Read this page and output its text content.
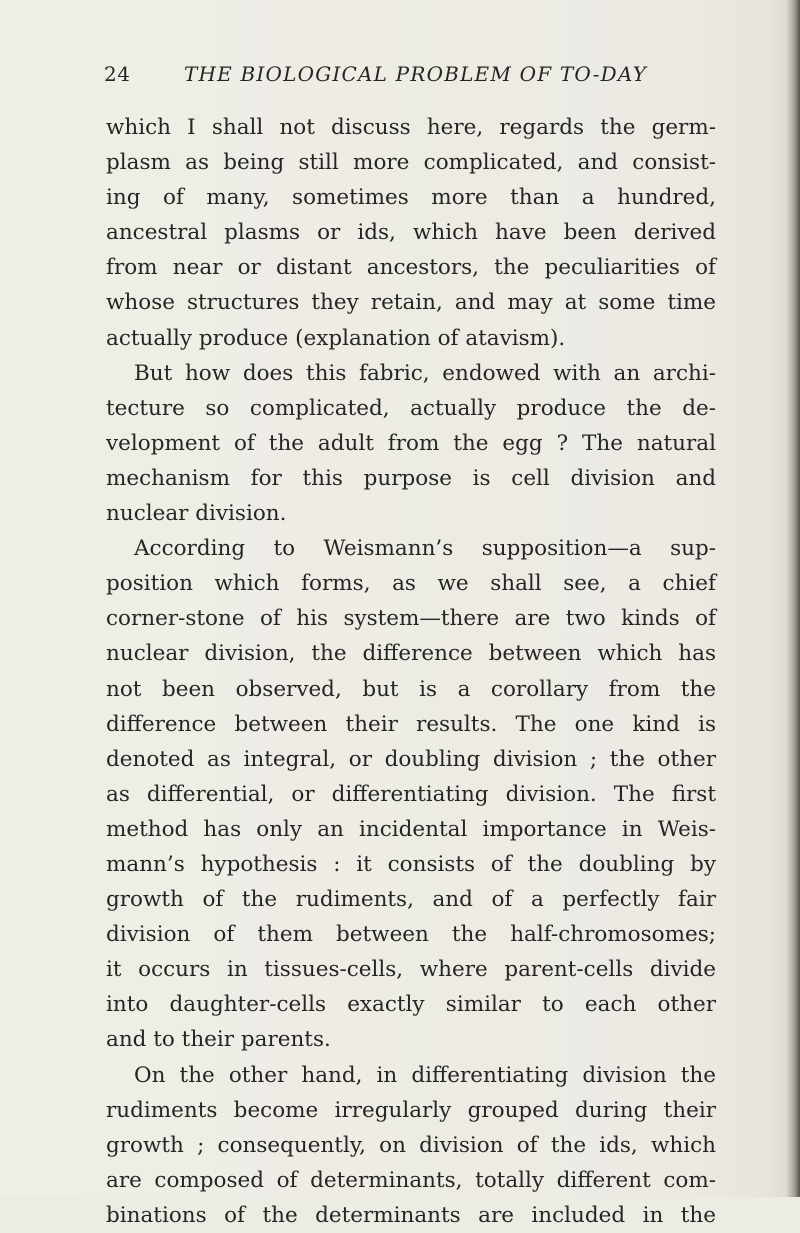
24	THE BIOLOGICAL PROBLEM OF TO-DAY
which I shall not discuss here, regards the germ-
plasm as being still more complicated, and consist-
ing of many, sometimes more than a hundred,
ancestral plasms or ids, which have been derived
from near or distant ancestors, the peculiarities of
whose structures they retain, and may at some time
actually produce (explanation of atavism).
But how does this fabric, endowed with an archi-
tecture so complicated, actually produce the de-
velopment of the adult from the egg ? The natural
mechanism for this purpose is cell division and
nuclear division.
According to Weismann’s supposition—a sup-
position which forms, as we shall see, a chief
corner-stone of his system—there are two kinds of
nuclear division, the difference between which has
not been observed, but is a corollary from the
difference between their results. The one kind is
denoted as integral, or doubling division ; the other
as differential, or differentiating division. The first
method has only an incidental importance in Weis-
mann’s hypothesis : it consists of the doubling by
growth of the rudiments, and of a perfectly fair
division of them between the half-chromosomes;
it occurs in tissues-cells, where parent-cells divide
into daughter-cells exactly similar to each other
and to their parents.
On the other hand, in differentiating division the
rudiments become irregularly grouped during their
growth ; consequently, on division of the ids, which
are composed of determinants, totally different com-
binations of the determinants are included in the
